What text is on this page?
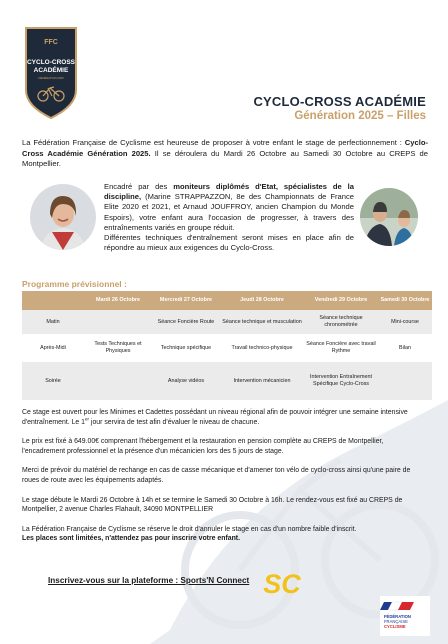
FFC
CYCLO-CROSS
ACADÉMIE
· GÉNÉRATION 2025 ·
CYCLO-CROSS ACADÉMIE
Génération 2025 – Filles
La Fédération Française de Cyclisme est heureuse de proposer à votre enfant le stage de perfectionnement : Cyclo-Cross Académie Génération 2025. Il se déroulera du Mardi 26 Octobre au Samedi 30 Octobre au CREPS de Montpellier.

Encadré par des moniteurs diplômés d'Etat, spécialistes de la discipline, (Marine STRAPPAZZON, 8e des Championnats de France Elite 2020 et 2021, et Arnaud JOUFFROY, ancien Champion du Monde Espoirs), votre enfant aura l'occasion de progresser, à travers des entraînements variés en groupe réduit.

Différentes techniques d'entraînement seront mises en place afin de répondre au mieux aux exigences du Cyclo-Cross.

Programme prévisionnel :
	Mardi 26 Octobre	Mercredi 27 Octobre	Jeudi 28 Octobre	Vendredi 29 Octobre	Samedi 30 Octobre
Matin		Séance Foncière Route	Séance technique et musculation	Séance technique chronométrée	Mini-course
Après-Midi	Tests Techniques et Physiques	Technique spécifique	Travail technico-physique	Séance Foncière avec travail Rythme	Bilan
Soirée		Analyse vidéos	Intervention mécanicien	Intervention Entraînement Spécifique Cyclo-Cross	

Ce stage est ouvert pour les Minimes et Cadettes possédant un niveau régional afin de pouvoir intégrer une semaine intensive d'entraînement. Le 1er jour servira de test afin d'évaluer le niveau de chacune.

Le prix est fixé à 649.00€ comprenant l'hébergement et la restauration en pension complète au CREPS de Montpellier, l'encadrement professionnel et la présence d'un mécanicien lors des 5 jours de stage.

Merci de prévoir du matériel de rechange en cas de casse mécanique et d'amener ton vélo de cyclo-cross ainsi qu'une paire de roues de route avec les équipements adaptés.

Le stage débute le Mardi 26 Octobre à 14h et se termine le Samedi 30 Octobre à 16h. Le rendez-vous est fixé au CREPS de Montpellier, 2 avenue Charles Flahault, 34090 MONTPELLIER

La Fédération Française de Cyclisme se réserve le droit d'annuler le stage en cas d'un nombre faible d'inscrit.
Les places sont limitées, n'attendez pas pour inscrire votre enfant.

Inscrivez-vous sur la plateforme : Sports'N Connect SC
FÉDÉRATION
FRANÇAISE
CYCLISME
